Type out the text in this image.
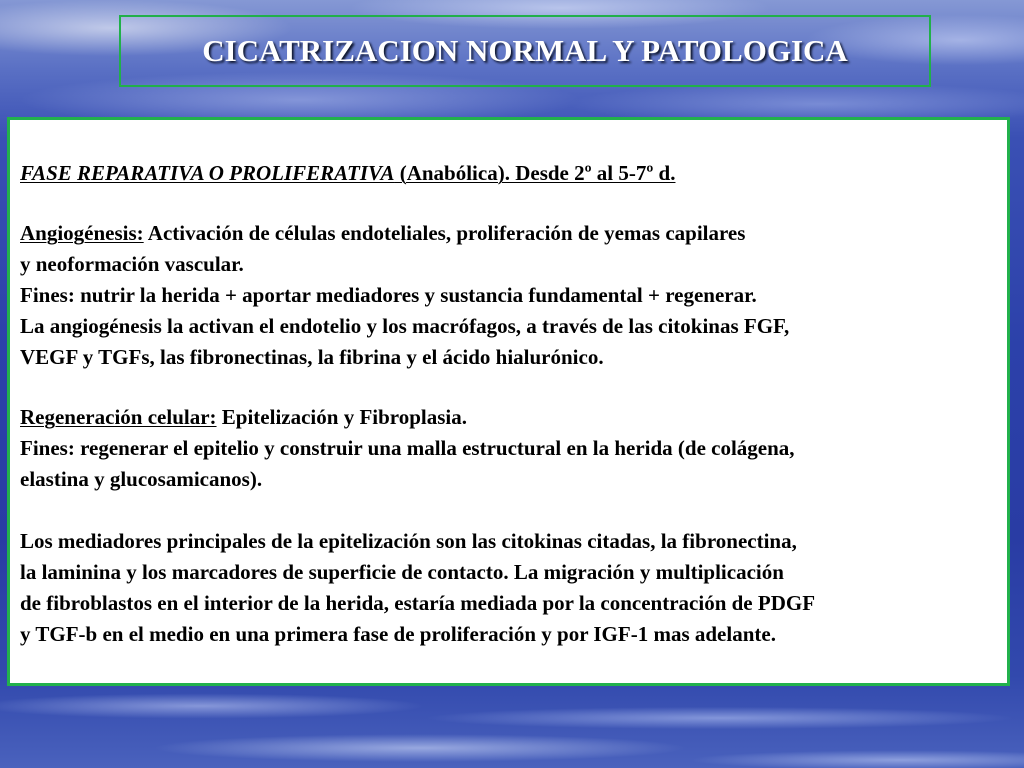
CICATRIZACION NORMAL Y PATOLOGICA
FASE REPARATIVA O PROLIFERATIVA (Anabólica). Desde 2º al 5-7º d.
Angiogénesis: Activación de células endoteliales, proliferación de yemas capilares
y neoformación vascular.
Fines: nutrir la herida + aportar mediadores y sustancia fundamental + regenerar.
La angiogénesis la activan el endotelio y los macrófagos, a través de las citokinas FGF,
VEGF y TGFs, las fibronectinas, la fibrina y el ácido hialurónico.
Regeneración celular: Epitelización y Fibroplasia.
Fines: regenerar el epitelio y construir una malla estructural en la herida (de colágena,
elastina y glucosamicanos).
Los mediadores principales de la epitelización son las citokinas citadas, la fibronectina,
la laminina y los marcadores de superficie de contacto. La migración y multiplicación
de fibroblastos en el interior de la herida, estaría mediada por la concentración de PDGF
y TGF-b en el medio en una primera fase de proliferación y por IGF-1 mas adelante.
